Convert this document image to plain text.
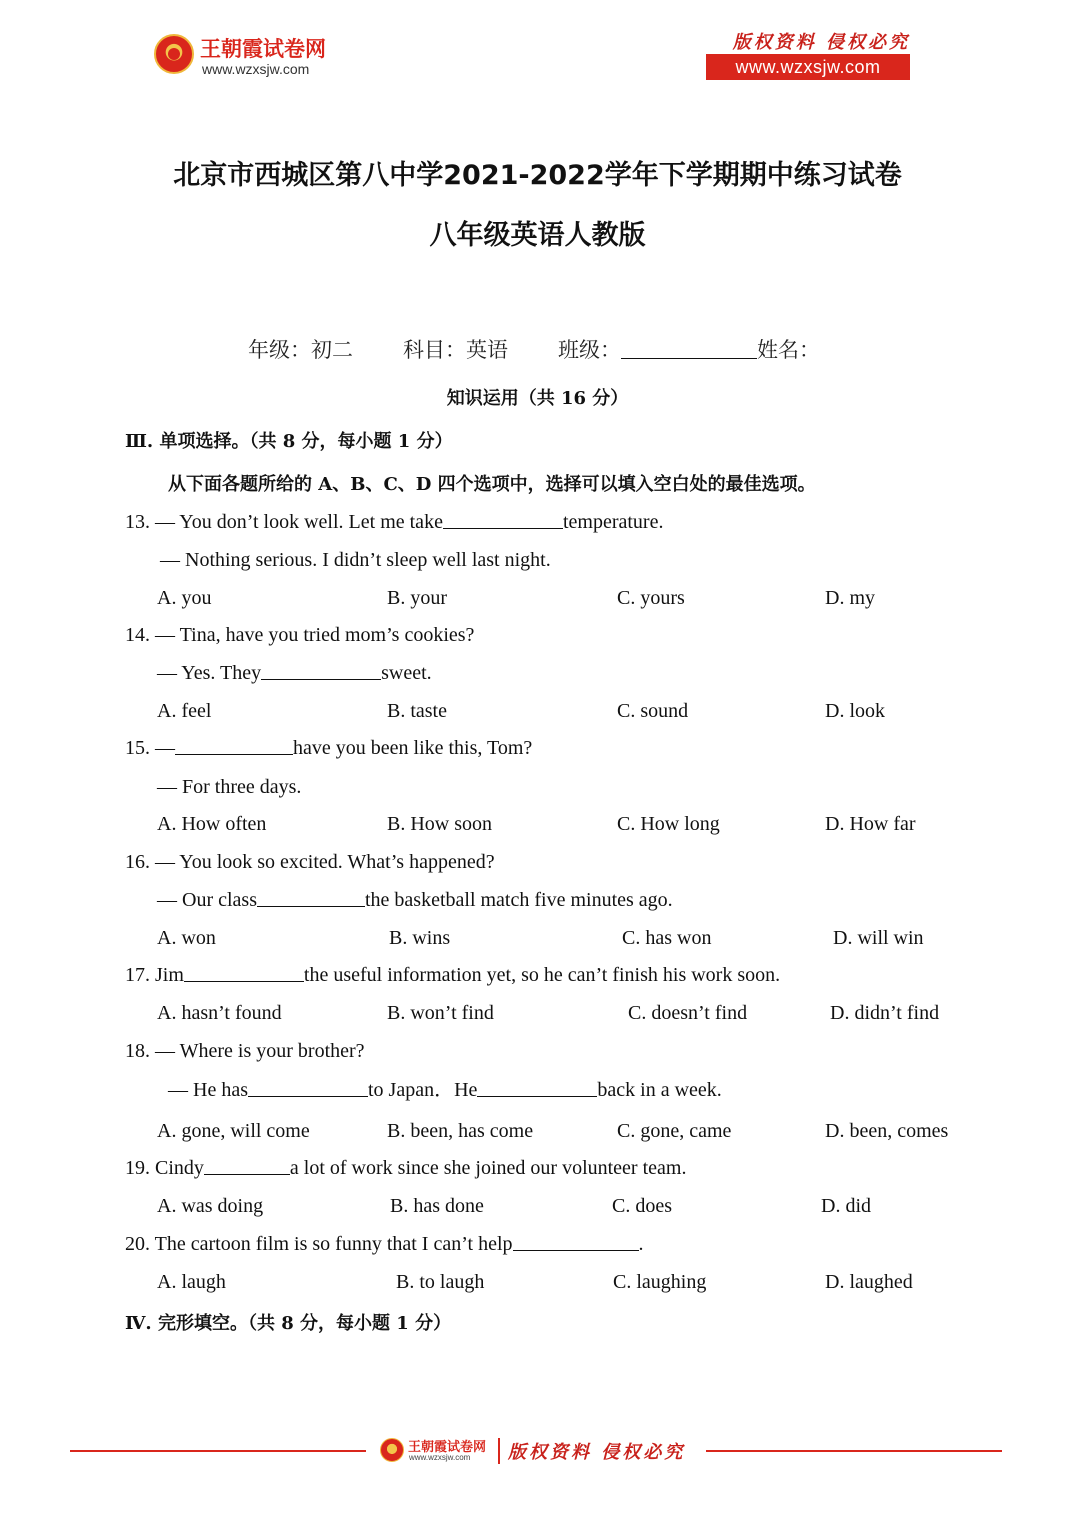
王朝霞试卷网
www.wzxsjw.com
版权资料 侵权必究
www.wzxsjw.com
北京市西城区第八中学2021-2022学年下学期期中练习试卷
八年级英语人教版
年级：初二 科目：英语 班级：	姓名：
知识运用（共 16 分）
Ⅲ. 单项选择。（共 8 分，每小题 1 分）
从下面各题所给的 A、B、C、D 四个选项中，选择可以填入空白处的最佳选项。
13. — You don’t look well. Let me take	temperature.
— Nothing serious. I didn’t sleep well last night.
A. you	B. your	C. yours	D. my
14. — Tina, have you tried mom’s cookies?
— Yes. They	sweet.
A. feel	B. taste	C. sound	D. look
15. —	have you been like this, Tom?
— For three days.
A. How often	B. How soon	C. How long	D. How far
16. — You look so excited. What’s happened?
— Our class	the basketball match five minutes ago.
A. won	B. wins	C. has won	D. will win
17. Jim	the useful information yet, so he can’t finish his work soon.
A. hasn’t found	B. won’t find	C. doesn’t find	D. didn’t find
18. — Where is your brother?
— He has	to Japan．He	back in a week.
A. gone, will come	B. been, has come	C. gone, came	D. been, comes
19. Cindy	a lot of work since she joined our volunteer team.
A. was doing	B. has done	C. does	D. did
20. The cartoon film is so funny that I can’t help	.
A. laugh	B. to laugh	C. laughing	D. laughed
Ⅳ. 完形填空。（共 8 分，每小题 1 分）
王朝霞试卷网
www.wzxsjw.com 版权资料 侵权必究
